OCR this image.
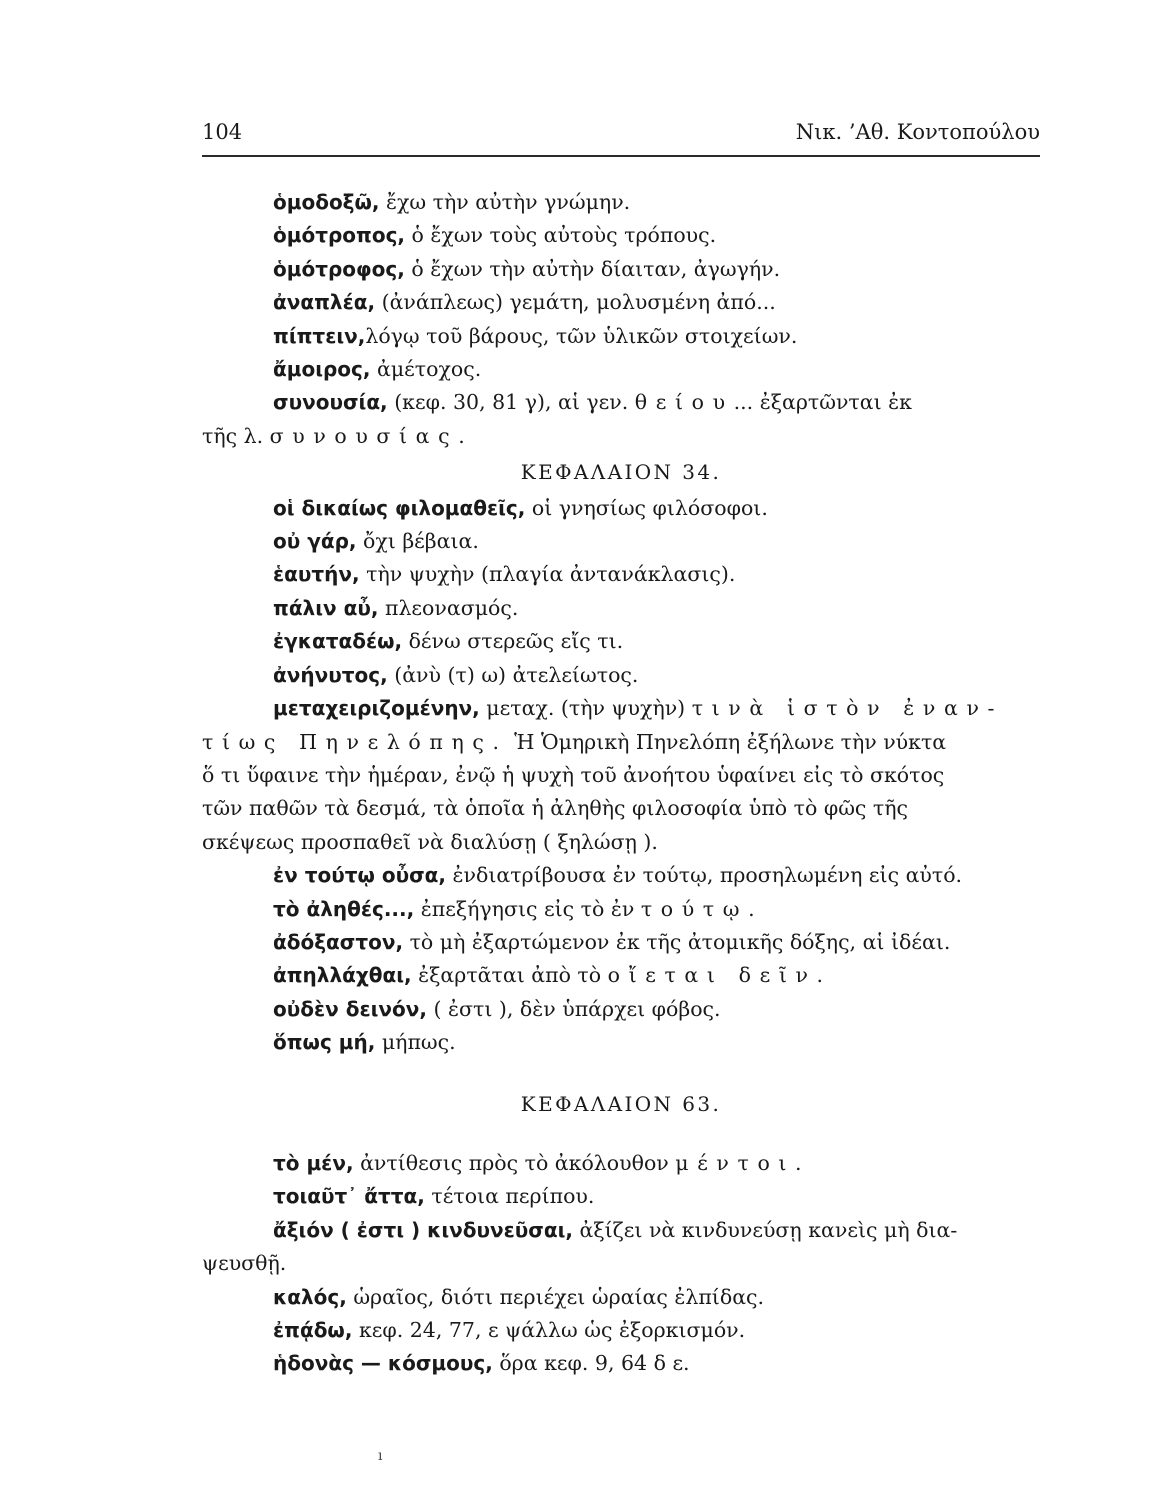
104	Νικ. ’Αθ. Κοντοπούλου
ὁμοδοξῶ, ἔχω τὴν αὐτὴν γνώμην.
ὁμότροπος, ὁ ἔχων τοὺς αὐτοὺς τρόπους.
ὁμότροφος, ὁ ἔχων τὴν αὐτὴν δίαιταν, ἀγωγήν.
ἀναπλέα, (ἀνάπλεως) γεμάτη, μολυσμένη ἀπό...
πίπτειν,λόγῳ τοῦ βάρους, τῶν ὑλικῶν στοιχείων.
ἄμοιρος, ἀμέτοχος.
συνουσία, (κεφ. 30, 81 γ), αἱ γεν. θείου... ἐξαρτῶνται ἐκ
τῆς λ. συνουσίας.
ΚΕΦΑΛΑΙΟΝ 34.
οἱ δικαίως φιλομαθεῖς, οἱ γνησίως φιλόσοφοι.
οὐ γάρ, ὄχι βέβαια.
ἑαυτήν, τὴν ψυχὴν (πλαγία ἀντανάκλασις).
πάλιν αὖ, πλεονασμός.
ἐγκαταδέω, δένω στερεῶς εἴς τι.
ἀνήνυτος, (ἀνὺ (τ) ω) ἀτελείωτος.
μεταχειριζομένην, μεταχ. (τὴν ψυχὴν) τινὰ ἱστὸν ἐναν-
τίως Πηνελόπης. Ἡ Ὁμηρικὴ Πηνελόπη ἐξήλωνε τὴν νύκτα
ὅ τι ὕφαινε τὴν ἡμέραν, ἐνῷ ἡ ψυχὴ τοῦ ἀνοήτου ὑφαίνει εἰς τὸ σκότος
τῶν παθῶν τὰ δεσμά, τὰ ὁποῖα ἡ ἀληθὴς φιλοσοφία ὑπὸ τὸ φῶς τῆς
σκέψεως προσπαθεῖ νὰ διαλύσῃ ( ξηλώσῃ ).
ἐν τούτῳ οὖσα, ἐνδιατρίβουσα ἐν τούτῳ, προσηλωμένη εἰς αὐτό.
τὸ ἀληθές..., ἐπεξήγησις εἰς τὸ ἐν τούτῳ.
ἀδόξαστον, τὸ μὴ ἐξαρτώμενον ἐκ τῆς ἀτομικῆς δόξης, αἱ ἰδέαι.
ἀπηλλάχθαι, ἐξαρτᾶται ἀπὸ τὸ οἴεται δεῖν.
οὐδὲν δεινόν, ( ἐστι ), δὲν ὑπάρχει φόβος.
ὅπως μή, μήπως.
ΚΕΦΑΛΑΙΟΝ 63.
τὸ μέν, ἀντίθεσις πρὸς τὸ ἀκόλουθον μέντοι.
τοιαῦτ᾽ ἄττα, τέτοια περίπου.
ἄξιόν ( ἐστι ) κινδυνεῦσαι, ἀξίζει νὰ κινδυνεύσῃ κανεὶς μὴ δια-
ψευσθῇ.
καλός, ὡραῖος, διότι περιέχει ὡραίας ἐλπίδας.
ἐπᾴδω, κεφ. 24, 77, ε ψάλλω ὡς ἐξορκισμόν.
ἡδονὰς — κόσμους, ὅρα κεφ. 9, 64 δ ε.
ı
